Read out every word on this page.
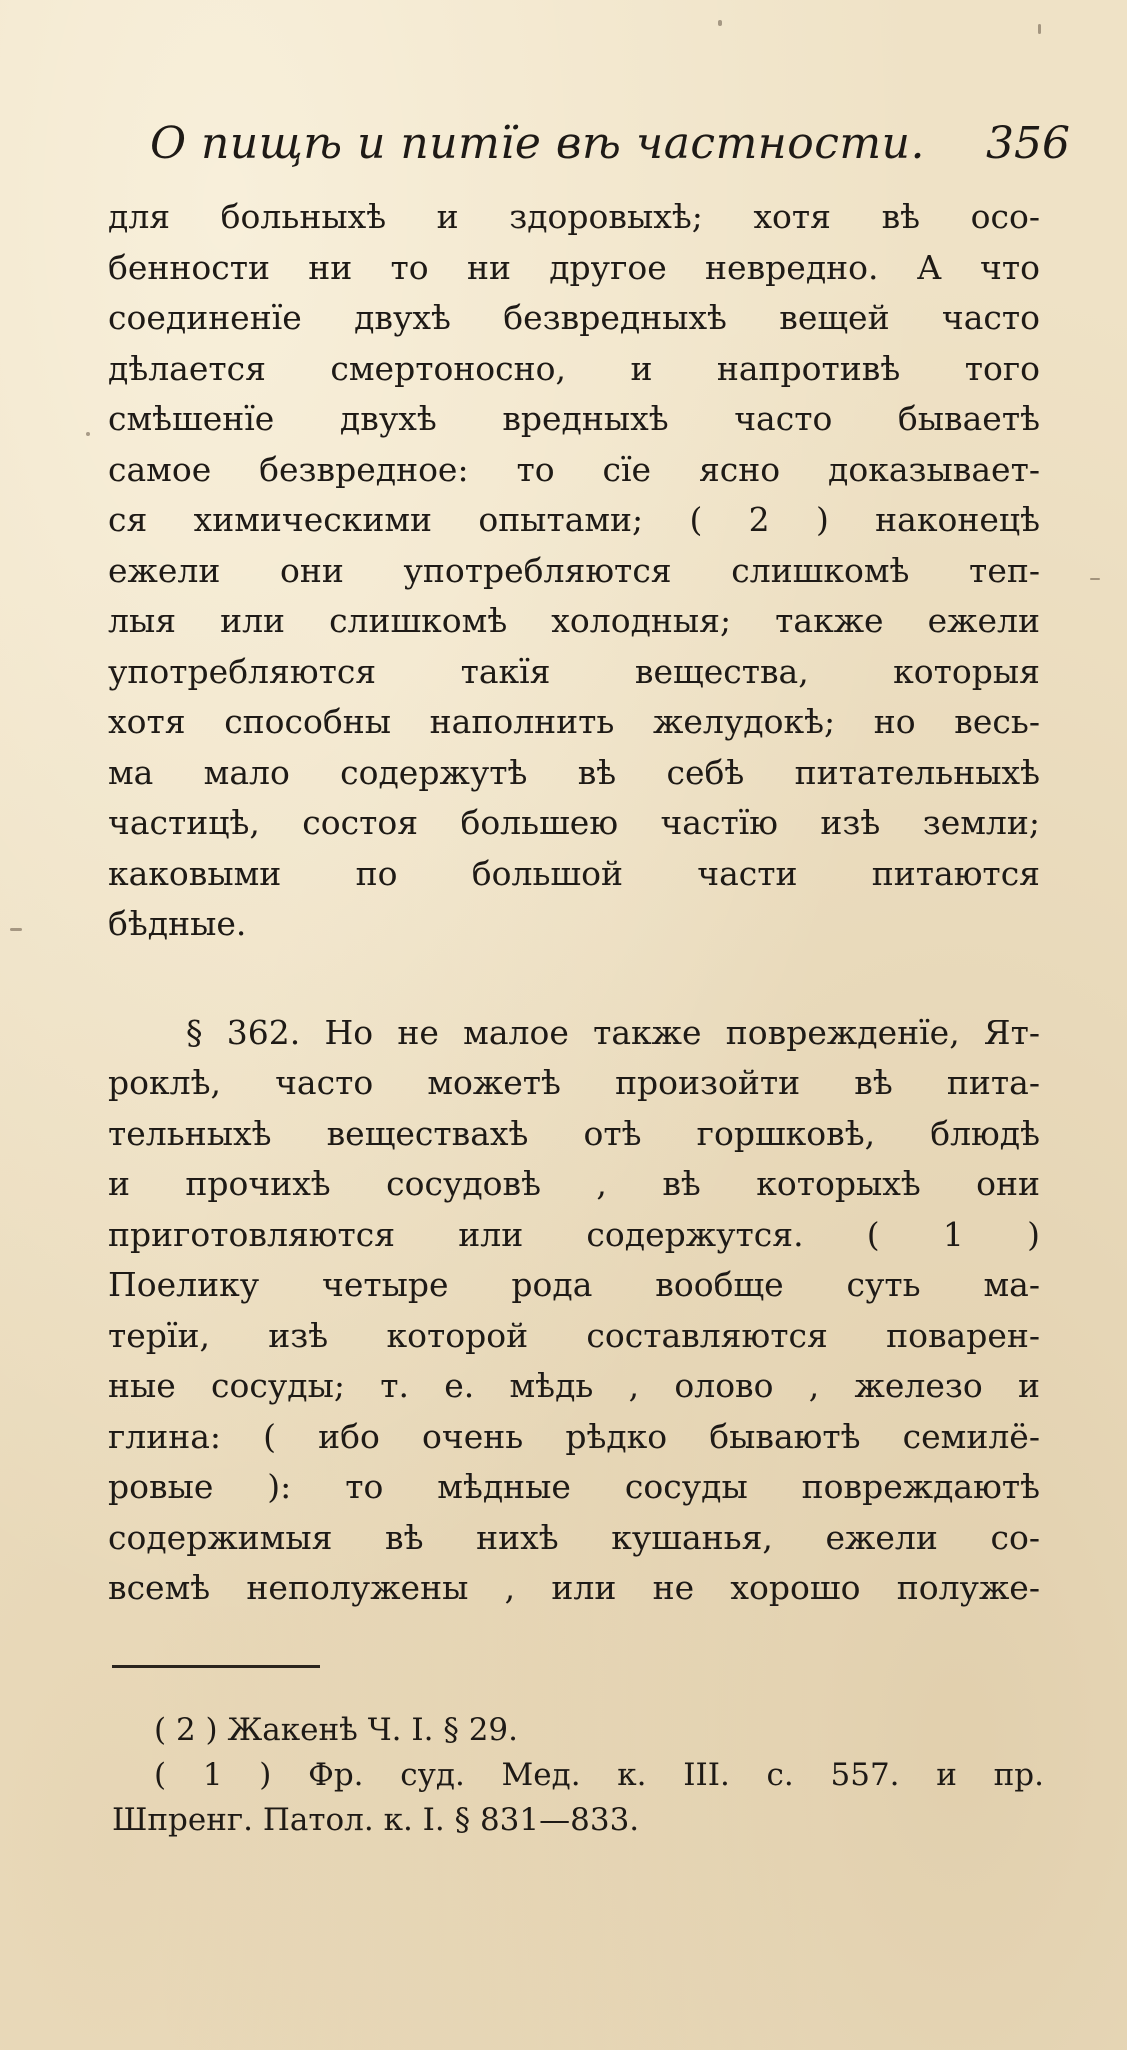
О пищѣ и питїе вѣ частности. 356
для больныхѣ и здоровыхѣ; хотя вѣ осо-
бенности ни то ни другое невредно. А что
соединенїе двухѣ безвредныхѣ вещей часто
дѣлается смертоносно, и напротивѣ того
смѣшенїе двухѣ вредныхѣ часто бываетѣ
самое безвредное: то сїе ясно доказывает-
ся химическими опытами; ( 2 ) наконецѣ
ежели они употребляются слишкомѣ теп-
лыя или слишкомѣ холодныя; также ежели
употребляются такїя вещества, которыя
хотя способны наполнить желудокѣ; но весь-
ма мало содержутѣ вѣ себѣ питательныхѣ
частицѣ, состоя большею частїю изѣ земли;
каковыми по большой части питаются
бѣдные.
§ 362. Но не малое также поврежденїе, Ят-
рoклѣ, часто можетѣ произойти вѣ пита-
тельныхѣ веществахѣ отѣ горшковѣ, блюдѣ
и прочихѣ сосудовѣ , вѣ которыхѣ они
приготовляются или содержутся. ( 1 )
Поелику четыре рода вообще суть ма-
терїи, изѣ которой составляются поварен-
ные сосуды; т. е. мѣдь , олово , железо и
глина: ( ибо очень рѣдко бываютѣ семилё-
ровые ): то мѣдные сосуды повреждаютѣ
содержимыя вѣ нихѣ кушанья, ежели со-
всемѣ неполужены , или не хорошо полуже-
( 2 ) Жакенѣ Ч. I. § 29.
( 1 ) Фр. суд. Мед. к. III. с. 557. и пр.
Шпренг. Патол. к. I. § 831—833.
